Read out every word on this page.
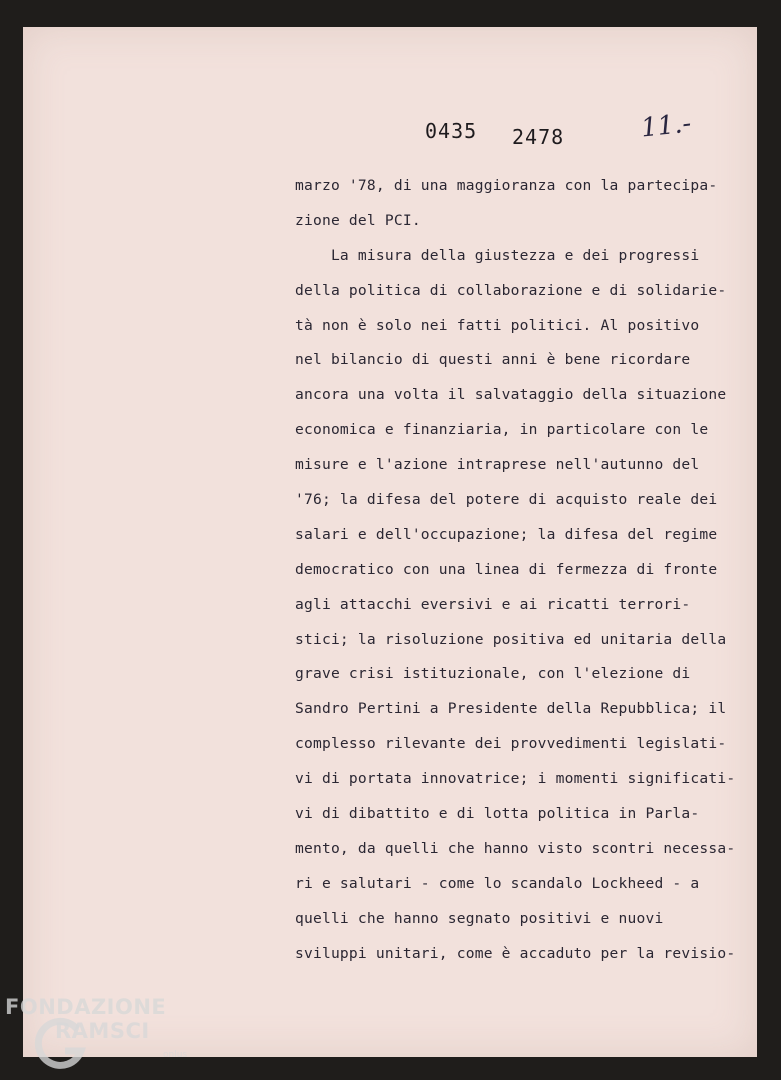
0435 2478	11.-
marzo '78, di una maggioranza con la partecipa-
zione del PCI.
La misura della giustezza e dei progressi
della politica di collaborazione e di solidarie-
tà non è solo nei fatti politici. Al positivo
nel bilancio di questi anni è bene ricordare
ancora una volta il salvataggio della situazione
economica e finanziaria, in particolare con le
misure e l'azione intraprese nell'autunno del
'76; la difesa del potere di acquisto reale dei
salari e dell'occupazione; la difesa del regime
democratico con una linea di fermezza di fronte
agli attacchi eversivi e ai ricatti terrori-
stici; la risoluzione positiva ed unitaria della
grave crisi istituzionale, con l'elezione di
Sandro Pertini a Presidente della Repubblica; il
complesso rilevante dei provvedimenti legislati-
vi di portata innovatrice; i momenti significati-
vi di dibattito e di lotta politica in Parla-
mento, da quelli che hanno visto scontri necessa-
ri e salutari - come lo scandalo Lockheed - a
quelli che hanno segnato positivi e nuovi
sviluppi unitari, come è accaduto per la revisio-
FONDAZIONE
RAMSCI
onlus
